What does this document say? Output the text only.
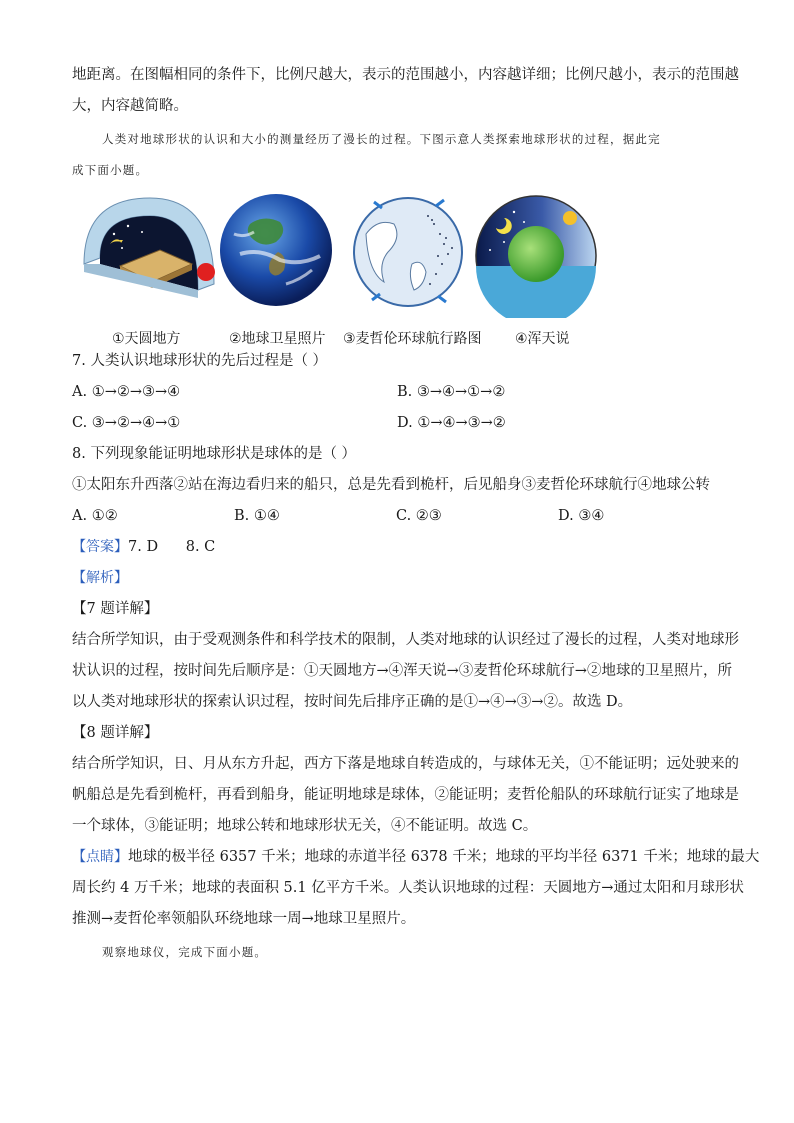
地距离。在图幅相同的条件下，比例尺越大，表示的范围越小，内容越详细；比例尺越小，表示的范围越
大，内容越简略。
人类对地球形状的认识和大小的测量经历了漫长的过程。下图示意人类探索地球形状的过程，据此完
成下面小题。
①天圆地方	②地球卫星照片 ③麦哲伦环球航行路图 ④浑天说
7. 人类认识地球形状的先后过程是（ ）
A. ①→②→③→④	B. ③→④→①→②
C. ③→②→④→①	D. ①→④→③→②
8. 下列现象能证明地球形状是球体的是（ ）
①太阳东升西落②站在海边看归来的船只，总是先看到桅杆，后见船身③麦哲伦环球航行④地球公转
A. ①②	B. ①④	C. ②③	D. ③④
【答案】7. D      8. C
【解析】
【7 题详解】
结合所学知识，由于受观测条件和科学技术的限制，人类对地球的认识经过了漫长的过程，人类对地球形
状认识的过程，按时间先后顺序是：①天圆地方→④浑天说→③麦哲伦环球航行→②地球的卫星照片，所
以人类对地球形状的探索认识过程，按时间先后排序正确的是①→④→③→②。故选 D。
【8 题详解】
结合所学知识，日、月从东方升起，西方下落是地球自转造成的，与球体无关，①不能证明；远处驶来的
帆船总是先看到桅杆，再看到船身，能证明地球是球体，②能证明；麦哲伦船队的环球航行证实了地球是
一个球体，③能证明；地球公转和地球形状无关，④不能证明。故选 C。
【点睛】地球的极半径 6357 千米；地球的赤道半径 6378 千米；地球的平均半径 6371 千米；地球的最大
周长约 4 万千米；地球的表面积 5.1 亿平方千米。人类认识地球的过程：天圆地方→通过太阳和月球形状
推测→麦哲伦率领船队环绕地球一周→地球卫星照片。
观察地球仪，完成下面小题。
